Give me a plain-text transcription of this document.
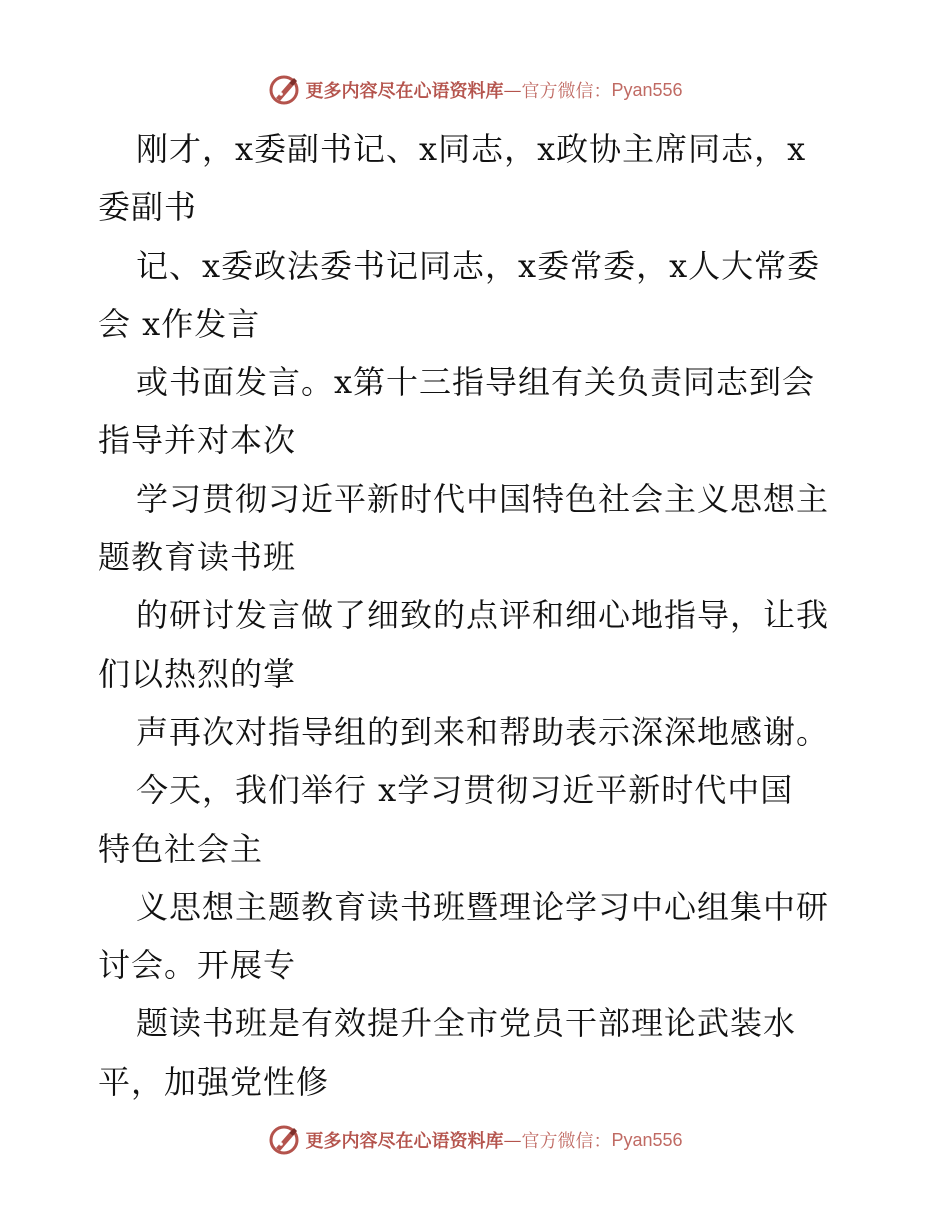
更多内容尽在心语资料库 — 官方微信： Pyan556
刚才，x委副书记、x同志，x政协主席同志，x
委副书
记、x委政法委书记同志，x委常委，x人大常委
会 x作发言
或书面发言。x第十三指导组有关负责同志到会
指导并对本次
学习贯彻习近平新时代中国特色社会主义思想主
题教育读书班
的研讨发言做了细致的点评和细心地指导，让我
们以热烈的掌
声再次对指导组的到来和帮助表示深深地感谢。
今天，我们举行 x学习贯彻习近平新时代中国
特色社会主
义思想主题教育读书班暨理论学习中心组集中研
讨会。开展专
题读书班是有效提升全市党员干部理论武装水
平，加强党性修
更多内容尽在心语资料库 — 官方微信： Pyan556
